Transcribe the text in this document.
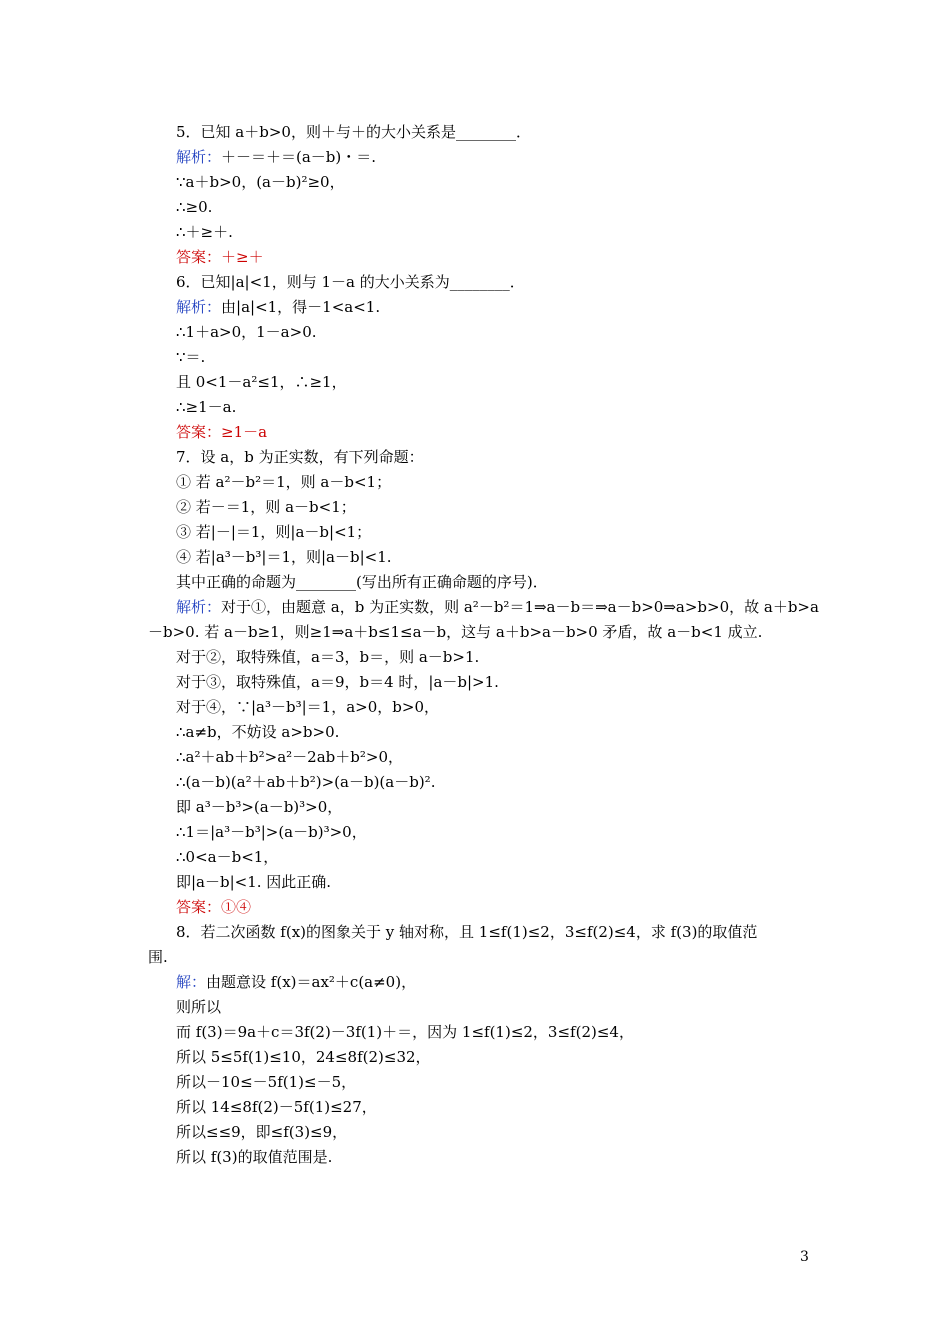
5．已知 a＋b>0，则＋与＋的大小关系是________．
解析：＋－＝＋＝(a－b)・＝.
∵a＋b>0，(a－b)²≥0，
∴≥0.
∴＋≥＋.
答案：＋≥＋
6．已知|a|<1，则与 1－a 的大小关系为________．
解析：由|a|<1，得－1<a<1.
∴1＋a>0，1－a>0.
∵＝.
且 0<1－a²≤1，∴≥1，
∴≥1－a.
答案：≥1－a
7．设 a，b 为正实数，有下列命题：
① 若 a²－b²＝1，则 a－b<1；
② 若－＝1，则 a－b<1；
③ 若|－|＝1，则|a－b|<1；
④ 若|a³－b³|＝1，则|a－b|<1.
其中正确的命题为________(写出所有正确命题的序号)．
解析：对于①，由题意 a，b 为正实数，则 a²－b²＝1⇒a－b＝⇒a－b>0⇒a>b>0，故 a＋b>a
－b>0. 若 a－b≥1，则≥1⇒a＋b≤1≤a－b，这与 a＋b>a－b>0 矛盾，故 a－b<1 成立.
对于②，取特殊值，a＝3，b＝，则 a－b>1.
对于③，取特殊值，a＝9，b＝4 时，|a－b|>1.
对于④，∵|a³－b³|＝1，a>0，b>0，
∴a≠b，不妨设 a>b>0.
∴a²＋ab＋b²>a²－2ab＋b²>0，
∴(a－b)(a²＋ab＋b²)>(a－b)(a－b)².
即 a³－b³>(a－b)³>0，
∴1＝|a³－b³|>(a－b)³>0，
∴0<a－b<1，
即|a－b|<1. 因此正确.
答案：①④
8．若二次函数 f(x)的图象关于 y 轴对称，且 1≤f(1)≤2，3≤f(2)≤4，求 f(3)的取值范
围.
解：由题意设 f(x)＝ax²＋c(a≠0)，
则所以
而 f(3)＝9a＋c＝3f(2)－3f(1)＋＝，因为 1≤f(1)≤2，3≤f(2)≤4，
所以 5≤5f(1)≤10，24≤8f(2)≤32，
所以－10≤－5f(1)≤－5，
所以 14≤8f(2)－5f(1)≤27，
所以≤≤9，即≤f(3)≤9，
所以 f(3)的取值范围是.
3
